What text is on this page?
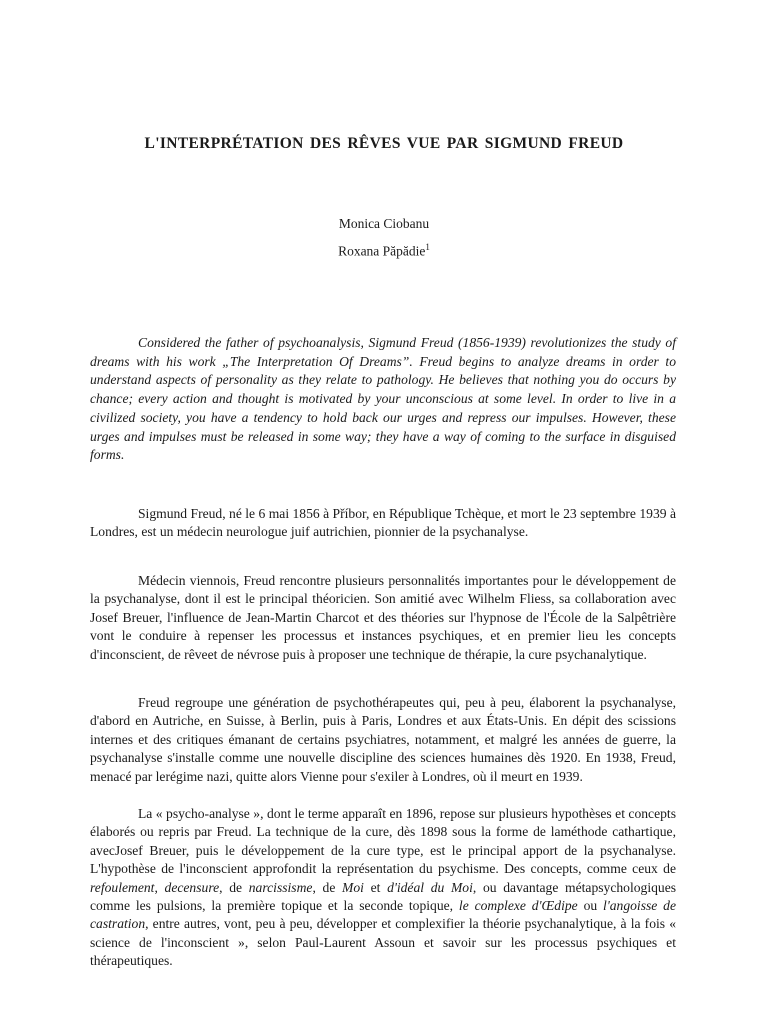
L'INTERPRÉTATION DES RÊVES VUE PAR SIGMUND FREUD

Monica Ciobanu

Roxana Păpădie$^1$

Considered the father of psychoanalysis, Sigmund Freud (1856-1939) revolutionizes the study of dreams with his work „The Interpretation Of Dreams”. Freud begins to analyze dreams in order to understand aspects of personality as they relate to pathology. He believes that nothing you do occurs by chance; every action and thought is motivated by your unconscious at some level. In order to live in a civilized society, you have a tendency to hold back our urges and repress our impulses. However, these urges and impulses must be released in some way; they have a way of coming to the surface in disguised forms.

Sigmund Freud, né le 6 mai 1856 à Příbor, en République Tchèque, et mort le 23 septembre 1939 à Londres, est un médecin neurologue juif autrichien, pionnier de la psychanalyse.

Médecin viennois, Freud rencontre plusieurs personnalités importantes pour le développement de la psychanalyse, dont il est le principal théoricien. Son amitié avec Wilhelm Fliess, sa collaboration avec Josef Breuer, l'influence de Jean-Martin Charcot et des théories sur l'hypnose de l'École de la Salpêtrière vont le conduire à repenser les processus et instances psychiques, et en premier lieu les concepts d'inconscient, de rêveet de névrose puis à proposer une technique de thérapie, la cure psychanalytique.

Freud regroupe une génération de psychothérapeutes qui, peu à peu, élaborent la psychanalyse, d'abord en Autriche, en Suisse, à Berlin, puis à Paris, Londres et aux États-Unis. En dépit des scissions internes et des critiques émanant de certains psychiatres, notamment, et malgré les années de guerre, la psychanalyse s'installe comme une nouvelle discipline des sciences humaines dès 1920. En 1938, Freud, menacé par lerégime nazi, quitte alors Vienne pour s'exiler à Londres, où il meurt en 1939.

La « psycho-analyse », dont le terme apparaît en 1896, repose sur plusieurs hypothèses et concepts élaborés ou repris par Freud. La technique de la cure, dès 1898 sous la forme de laméthode cathartique, avecJosef Breuer, puis le développement de la cure type, est le principal apport de la psychanalyse. L'hypothèse de l'inconscient approfondit la représentation du psychisme. Des concepts, comme ceux de refoulement, decensure, de narcissisme, de Moi et d'idéal du Moi, ou davantage métapsychologiques comme les pulsions, la première topique et la seconde topique, le complexe d'Œdipe ou l'angoisse de castration, entre autres, vont, peu à peu, développer et complexifier la théorie psychanalytique, à la fois « science de l'inconscient », selon Paul-Laurent Assoun et savoir sur les processus psychiques et thérapeutiques.
